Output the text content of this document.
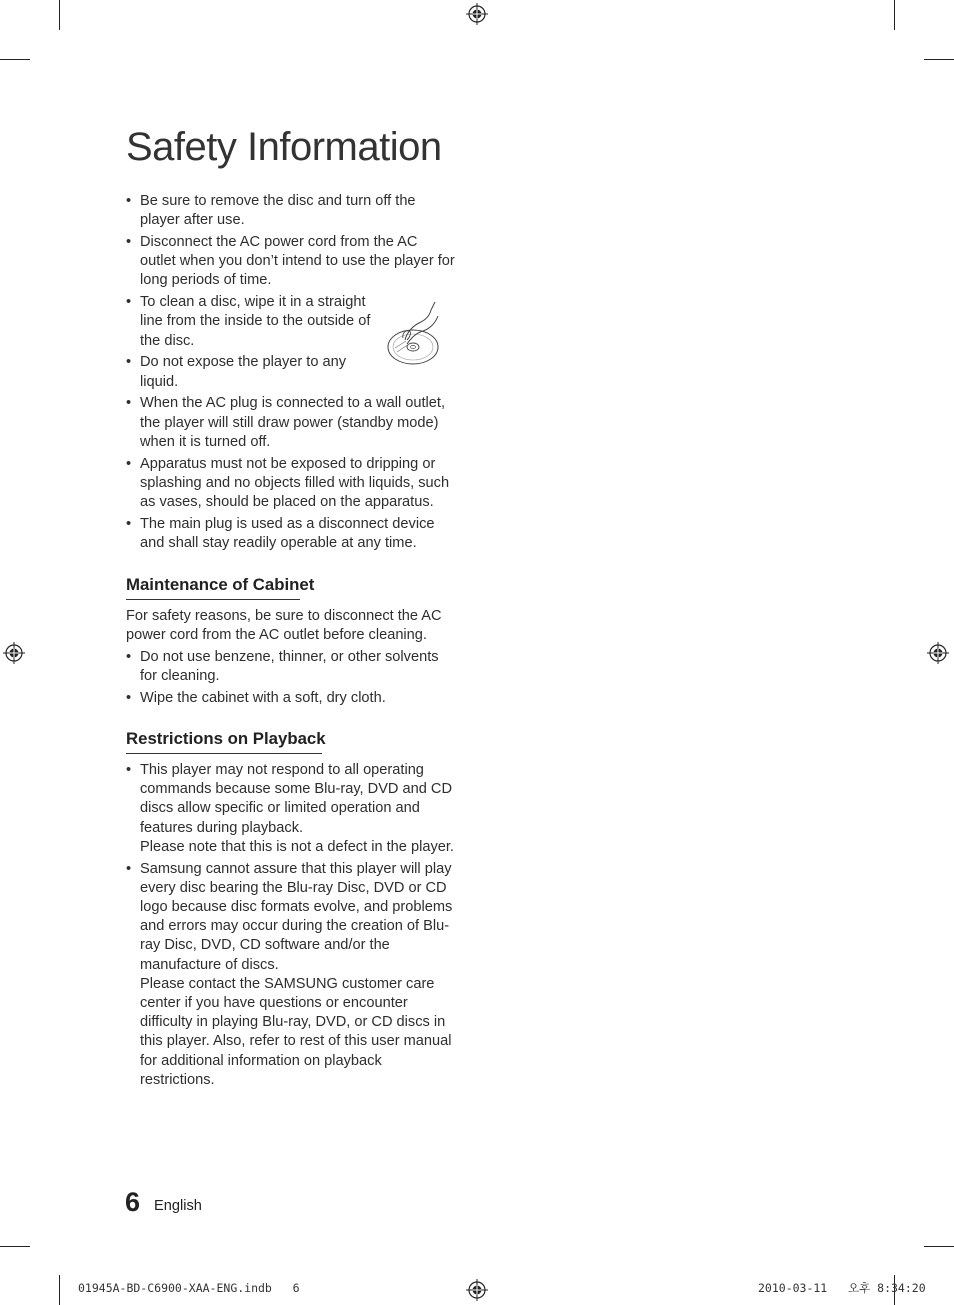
Safety Information
• Be sure to remove the disc and turn off the player after use.
• Disconnect the AC power cord from the AC outlet when you don’t intend to use the player for long periods of time.
• To clean a disc, wipe it in a straight line from the inside to the outside of the disc.
• Do not expose the player to any liquid.
• When the AC plug is connected to a wall outlet, the player will still draw power (standby mode) when it is turned off.
• Apparatus must not be exposed to dripping or splashing and no objects filled with liquids, such as vases, should be placed on the apparatus.
• The main plug is used as a disconnect device and shall stay readily operable at any time.
Maintenance of Cabinet

For safety reasons, be sure to disconnect the AC power cord from the AC outlet before cleaning.

• Do not use benzene, thinner, or other solvents for cleaning.
• Wipe the cabinet with a soft, dry cloth.
Restrictions on Playback
• This player may not respond to all operating commands because some Blu-ray, DVD and CD discs allow specific or limited operation and features during playback.
Please note that this is not a defect in the player.
• Samsung cannot assure that this player will play every disc bearing the Blu-ray Disc, DVD or CD logo because disc formats evolve, and problems and errors may occur during the creation of Blu-ray Disc, DVD, CD software and/or the manufacture of discs.
Please contact the SAMSUNG customer care center if you have questions or encounter difficulty in playing Blu-ray, DVD, or CD discs in this player. Also, refer to rest of this user manual for additional information on playback restrictions.
6 English
01945A-BD-C6900-XAA-ENG.indb   6	2010-03-11   오후 8:34:20
